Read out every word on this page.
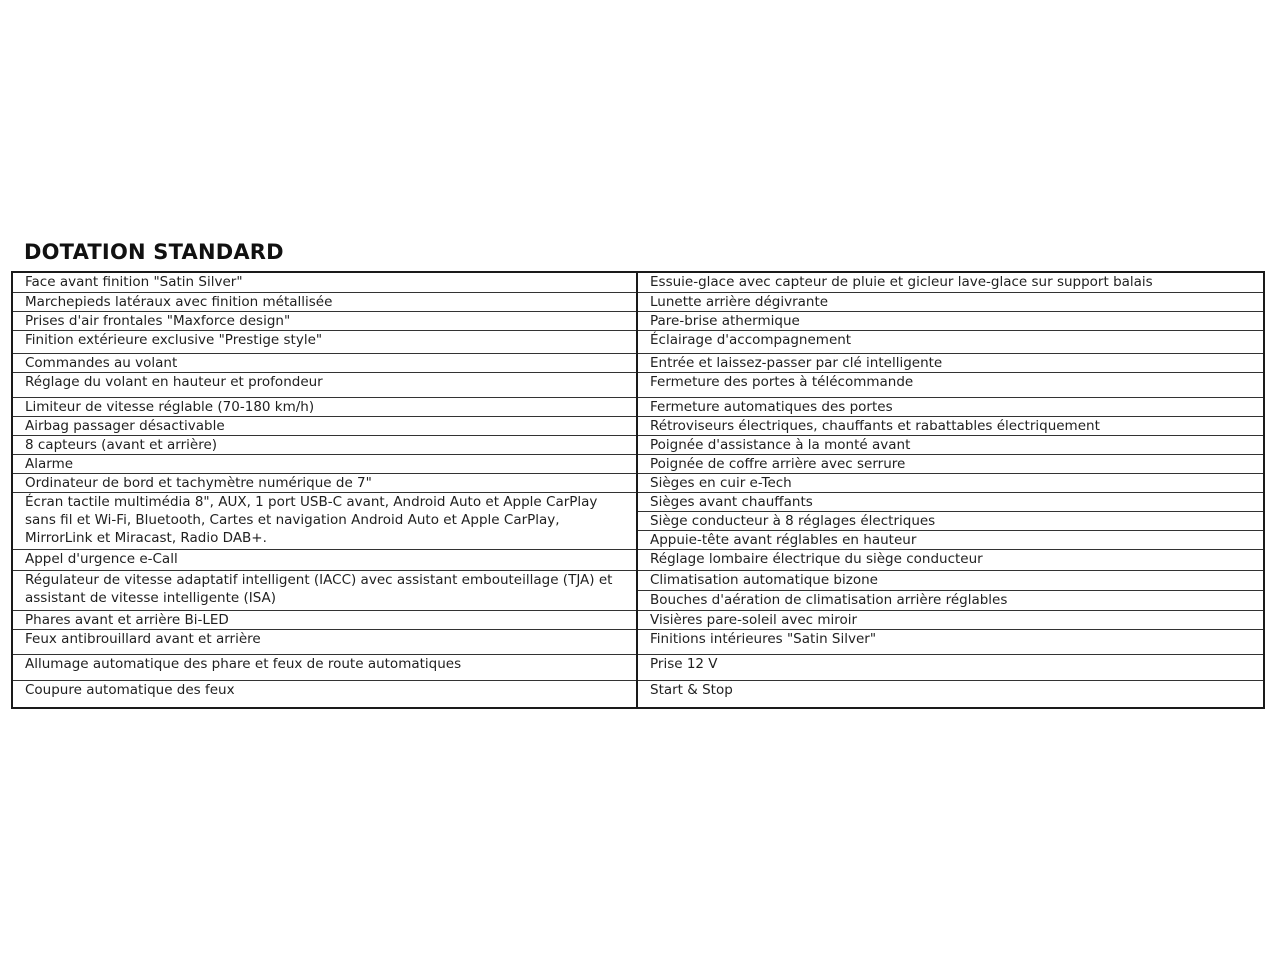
DOTATION STANDARD
Face avant finition "Satin Silver"	Essuie-glace avec capteur de pluie et gicleur lave-glace sur support balais
Marchepieds latéraux avec finition métallisée	Lunette arrière dégivrante
Prises d'air frontales "Maxforce design"	Pare-brise athermique
Finition extérieure exclusive "Prestige style"	Éclairage d'accompagnement
Commandes au volant	Entrée et laissez-passer par clé intelligente
Réglage du volant en hauteur et profondeur	Fermeture des portes à télécommande
Limiteur de vitesse réglable (70-180 km/h)	Fermeture automatiques des portes
Airbag passager désactivable	Rétroviseurs électriques, chauffants et rabattables électriquement
8 capteurs (avant et arrière)	Poignée d'assistance à la monté avant
Alarme	Poignée de coffre arrière avec serrure
Ordinateur de bord et tachymètre numérique de 7"	Sièges en cuir e-Tech
Écran tactile multimédia 8", AUX, 1 port USB-C avant, Android Auto et Apple CarPlay sans fil et Wi-Fi, Bluetooth, Cartes et navigation Android Auto et Apple CarPlay, MirrorLink et Miracast, Radio DAB+.	Sièges avant chauffants
	Siège conducteur à 8 réglages électriques
	Appuie-tête avant réglables en hauteur
Appel d'urgence e-Call	Réglage lombaire électrique du siège conducteur
Régulateur de vitesse adaptatif intelligent (IACC) avec assistant embouteillage (TJA) et assistant de vitesse intelligente (ISA)	Climatisation automatique bizone
	Bouches d'aération de climatisation arrière réglables
Phares avant et arrière Bi-LED	Visières pare-soleil avec miroir
Feux antibrouillard avant et arrière	Finitions intérieures "Satin Silver"
Allumage automatique des phare et feux de route automatiques	Prise 12 V
Coupure automatique des feux	Start & Stop
